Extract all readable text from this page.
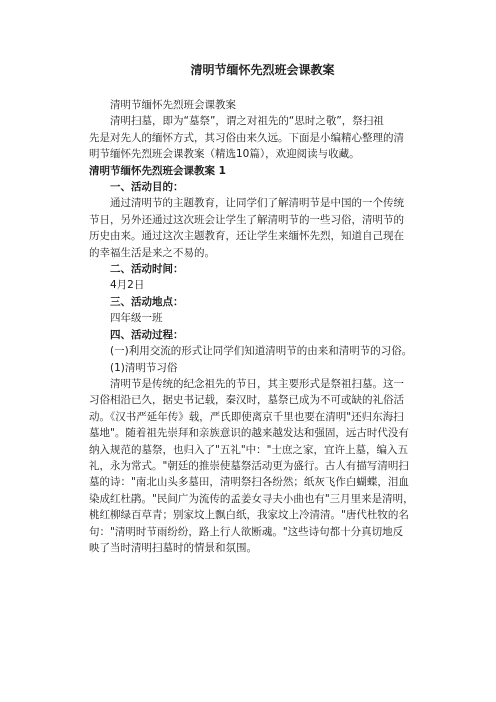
清明节缅怀先烈班会课教案

清明节缅怀先烈班会课教案
清明扫墓，即为“墓祭”，谓之对祖先的“思时之敬”，祭扫祖
先是对先人的缅怀方式，其习俗由来久远。下面是小编精心整理的清
明节缅怀先烈班会课教案（精选10篇），欢迎阅读与收藏。

清明节缅怀先烈班会课教案 1

一、活动目的：

通过清明节的主题教育，让同学们了解清明节是中国的一个传统
节日，另外还通过这次班会让学生了解清明节的一些习俗，清明节的
历史由来。通过这次主题教育，还让学生来缅怀先烈，知道自己现在
的幸福生活是来之不易的。

二、活动时间：

4月2日

三、活动地点：

四年级一班

四、活动过程：

(一)利用交流的形式让同学们知道清明节的由来和清明节的习俗。

(1)清明节习俗

清明节是传统的纪念祖先的节日，其主要形式是祭祖扫墓。这一
习俗相沿已久，据史书记载，秦汉时，墓祭已成为不可或缺的礼俗活
动。《汉书严延年传》载，严氏即使离京千里也要在清明"还归东海扫
墓地"。随着祖先崇拜和亲族意识的越来越发达和强固，远古时代没有
纳入规范的墓祭，也归入了"五礼"中："士庶之家，宜许上墓，编入五
礼，永为常式。"朝廷的推崇使墓祭活动更为盛行。古人有描写清明扫
墓的诗："南北山头多墓田，清明祭扫各纷然；纸灰飞作白蝴蝶，泪血
染成红杜鹃。"民间广为流传的孟姜女寻夫小曲也有"三月里来是清明，
桃红柳绿百草青；别家坟上飘白纸，我家坟上冷清清。"唐代杜牧的名
句："清明时节雨纷纷，路上行人欲断魂。"这些诗句都十分真切地反
映了当时清明扫墓时的情景和氛围。
